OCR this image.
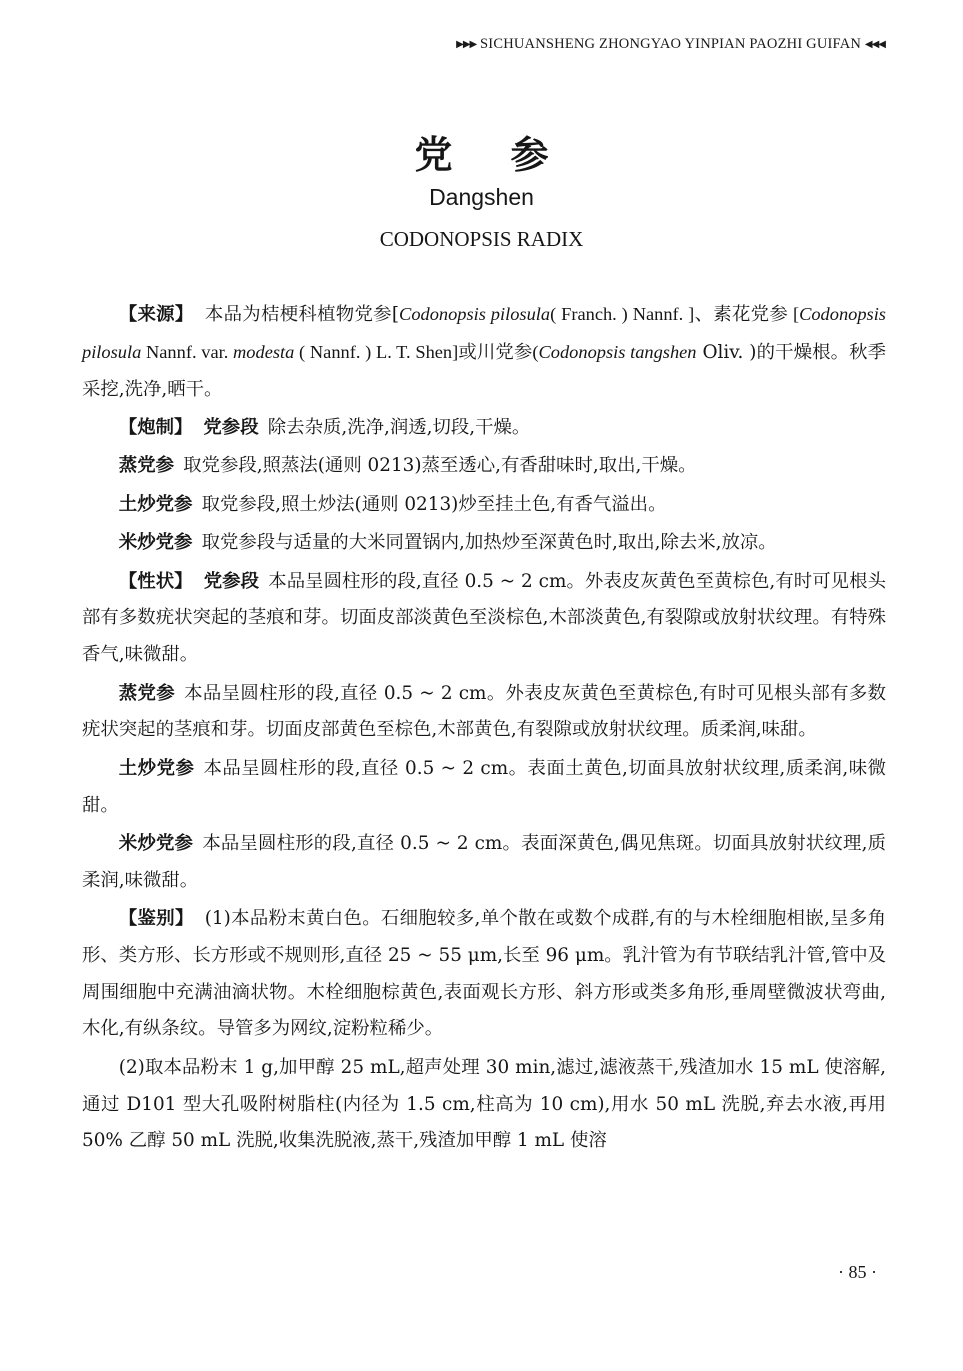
▶▶▶ SICHUANSHENG ZHONGYAO YINPIAN PAOZHI GUIFAN ◀◀◀
党参
Dangshen
CODONOPSIS RADIX

【来源】 本品为桔梗科植物党参[Codonopsis pilosula( Franch. ) Nannf. ]、素花党参 [Codonopsis pilosula Nannf. var. modesta ( Nannf. ) L. T. Shen]或川党参(Codonopsis tangshen Oliv. )的干燥根。秋季采挖,洗净,晒干。

【炮制】 党参段 除去杂质,洗净,润透,切段,干燥。

蒸党参 取党参段,照蒸法(通则 0213)蒸至透心,有香甜味时,取出,干燥。

土炒党参 取党参段,照土炒法(通则 0213)炒至挂土色,有香气溢出。

米炒党参 取党参段与适量的大米同置锅内,加热炒至深黄色时,取出,除去米,放凉。

【性状】 党参段 本品呈圆柱形的段,直径 0.5 ~ 2 cm。外表皮灰黄色至黄棕色,有时可见根头部有多数疣状突起的茎痕和芽。切面皮部淡黄色至淡棕色,木部淡黄色,有裂隙或放射状纹理。有特殊香气,味微甜。

蒸党参 本品呈圆柱形的段,直径 0.5 ~ 2 cm。外表皮灰黄色至黄棕色,有时可见根头部有多数疣状突起的茎痕和芽。切面皮部黄色至棕色,木部黄色,有裂隙或放射状纹理。质柔润,味甜。

土炒党参 本品呈圆柱形的段,直径 0.5 ~ 2 cm。表面土黄色,切面具放射状纹理,质柔润,味微甜。

米炒党参 本品呈圆柱形的段,直径 0.5 ~ 2 cm。表面深黄色,偶见焦斑。切面具放射状纹理,质柔润,味微甜。

【鉴别】 (1)本品粉末黄白色。石细胞较多,单个散在或数个成群,有的与木栓细胞相嵌,呈多角形、类方形、长方形或不规则形,直径 25 ~ 55 μm,长至 96 μm。乳汁管为有节联结乳汁管,管中及周围细胞中充满油滴状物。木栓细胞棕黄色,表面观长方形、斜方形或类多角形,垂周壁微波状弯曲,木化,有纵条纹。导管多为网纹,淀粉粒稀少。

(2)取本品粉末 1 g,加甲醇 25 mL,超声处理 30 min,滤过,滤液蒸干,残渣加水 15 mL 使溶解,通过 D101 型大孔吸附树脂柱(内径为 1.5 cm,柱高为 10 cm),用水 50 mL 洗脱,弃去水液,再用 50% 乙醇 50 mL 洗脱,收集洗脱液,蒸干,残渣加甲醇 1 mL 使溶

· 85 ·
